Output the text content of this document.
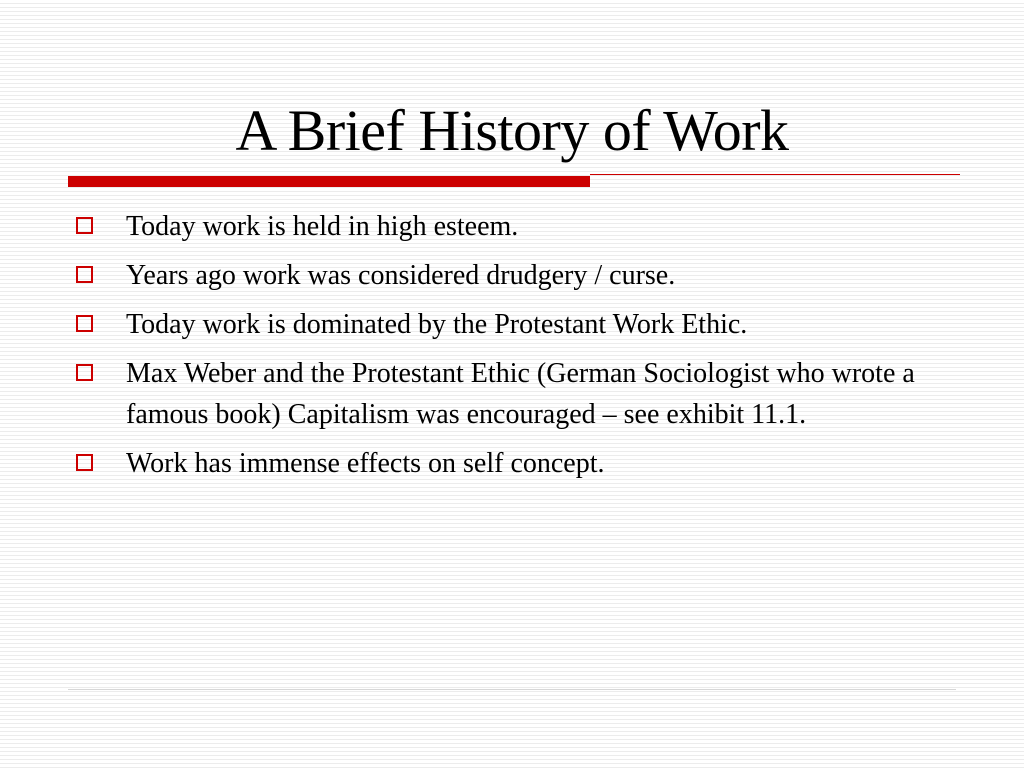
A Brief History of Work
Today work is held in high esteem.
Years ago work was considered drudgery / curse.
Today work is dominated by the Protestant Work Ethic.
Max Weber and the Protestant Ethic (German Sociologist who wrote a famous book) Capitalism was encouraged – see exhibit 11.1.
Work has immense effects on self concept.
